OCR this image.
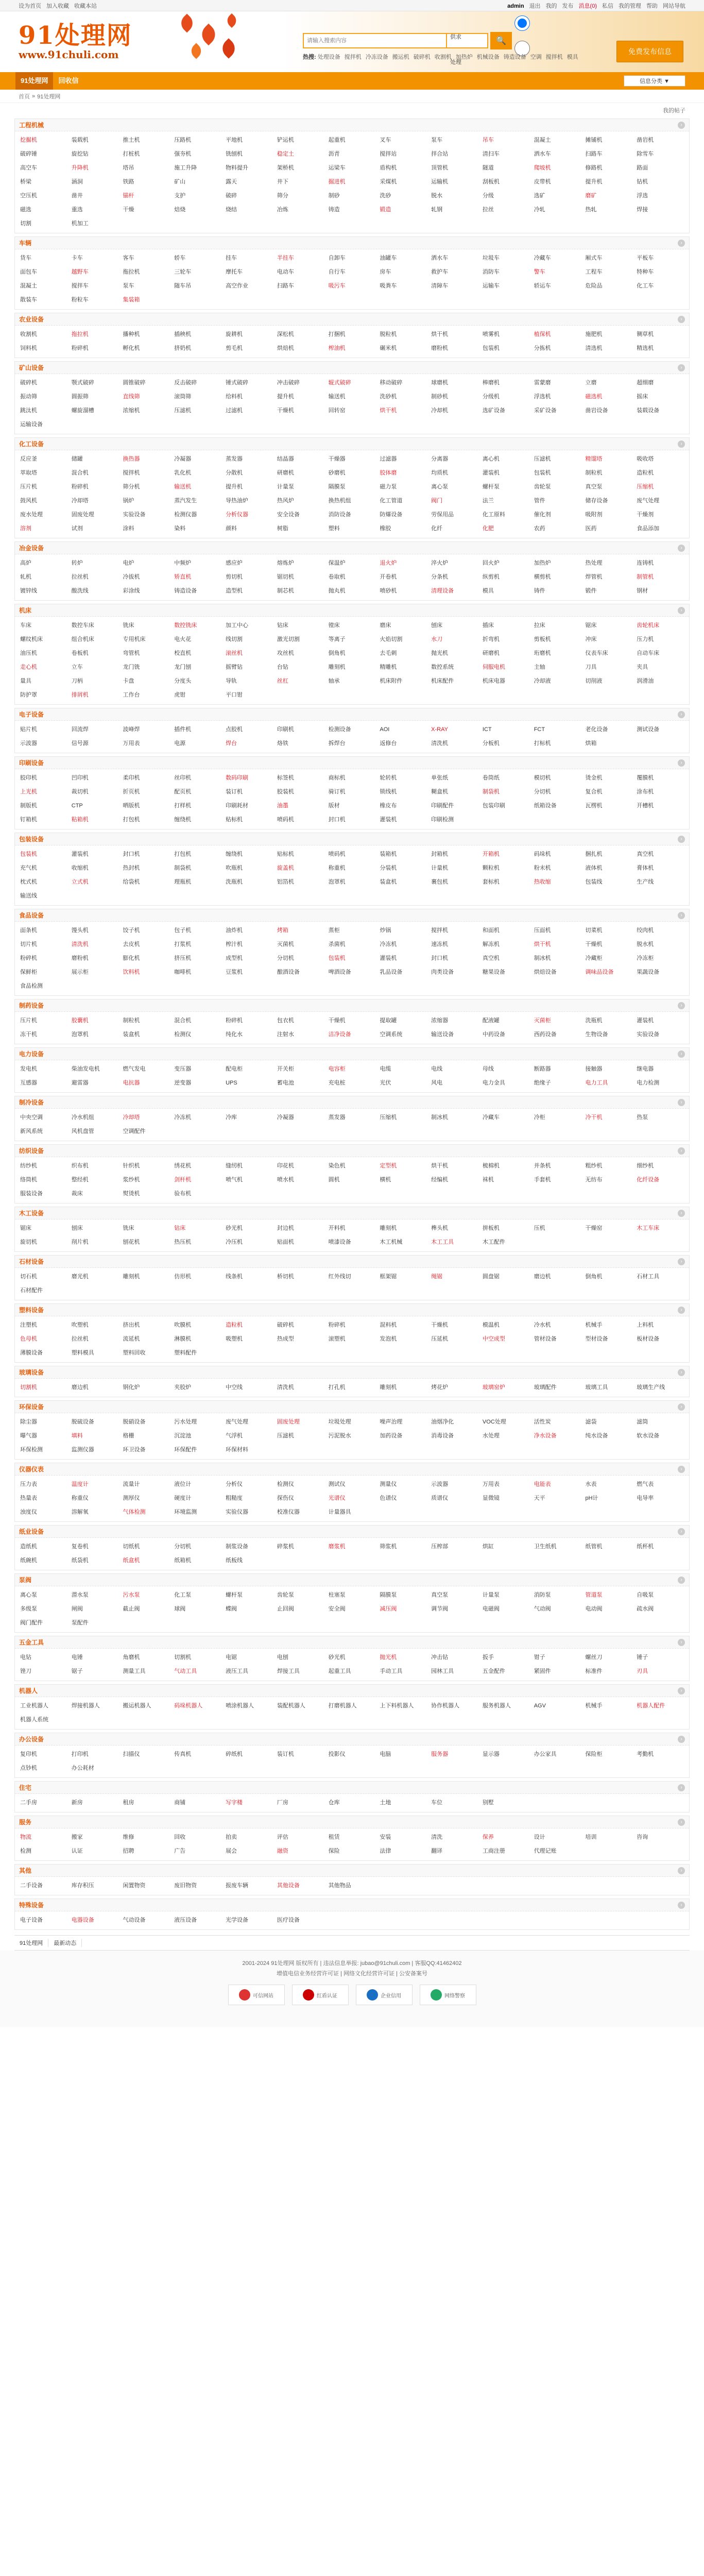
设为首页 加入收藏 收藏本站	admin 退出 我的 发布 消息(0) 私信 我的管理 帮助 网站导航
91处理网
www.91chuli.com
请输入搜索内容
供求
处理
🔍
热搜: 处理设备 搅拌机 冷冻设备 搬运机 破碎机 收割机 加热炉 机械设备 铸造设备 空调 搅拌机 模具
免费发布信息
91处理网	回收信	信息分类 ▼
首页 » 91处理网
我的帖子
工程机械	›
挖掘机	装载机	推土机	压路机	平地机	铲运机	起重机	叉车	泵车	吊车	混凝土	摊铺机	凿岩机
破碎锤	旋挖钻	打桩机	强夯机	铣刨机	稳定土	沥青	搅拌站	拌合站	清扫车	洒水车	扫路车	除雪车
高空车	升降机	塔吊	施工升降	物料提升	架桥机	运梁车	盾构机	顶管机	隧道	爬坡机	修路机	路面
桥梁	涵洞	铁路	矿山	露天	井下	掘进机	采煤机	运输机	刮板机	皮带机	提升机	钻机
空压机	凿井	锚杆	支护	破碎	筛分	制砂	洗砂	脱水	分级	选矿	磨矿	浮选
磁选	重选	干燥	焙烧	烧结	冶炼	铸造	锻造	轧钢	拉丝	冷轧	热轧	焊接
切割	机加工
车辆	›
货车	卡车	客车	轿车	挂车	半挂车	自卸车	油罐车	洒水车	垃圾车	冷藏车	厢式车	平板车
面包车	越野车	拖拉机	三轮车	摩托车	电动车	自行车	房车	救护车	消防车	警车	工程车	特种车
混凝土	搅拌车	泵车	随车吊	高空作业	扫路车	吸污车	吸粪车	清障车	运输车	轿运车	危险品	化工车
散装车	粉粒车	集装箱
农业设备	›
收割机	拖拉机	播种机	插秧机	旋耕机	深松机	打捆机	脱粒机	烘干机	喷雾机	植保机	施肥机	铡草机
饲料机	粉碎机	孵化机	挤奶机	剪毛机	烘焙机	榨油机	碾米机	磨粉机	包装机	分拣机	清选机	精选机
矿山设备	›
破碎机	颚式破碎	圆锥破碎	反击破碎	锤式破碎	冲击破碎	辊式破碎	移动破碎	球磨机	棒磨机	雷蒙磨	立磨	超细磨
振动筛	圆振筛	直线筛	滚筒筛	给料机	提升机	输送机	洗砂机	制砂机	分级机	浮选机	磁选机	摇床
跳汰机	螺旋溜槽	浓缩机	压滤机	过滤机	干燥机	回转窑	烘干机	冷却机	选矿设备	采矿设备	凿岩设备	装载设备
运输设备
化工设备	›
反应釜	储罐	换热器	冷凝器	蒸发器	结晶器	干燥器	过滤器	分离器	离心机	压滤机	精馏塔	吸收塔
萃取塔	混合机	搅拌机	乳化机	分散机	研磨机	砂磨机	胶体磨	均质机	灌装机	包装机	制粒机	造粒机
压片机	粉碎机	筛分机	输送机	提升机	计量泵	隔膜泵	磁力泵	离心泵	螺杆泵	齿轮泵	真空泵	压缩机
鼓风机	冷却塔	锅炉	蒸汽发生	导热油炉	热风炉	换热机组	化工管道	阀门	法兰	管件	储存设备	废气处理
废水处理	固废处理	实验设备	检测仪器	分析仪器	安全设备	消防设备	防爆设备	劳保用品	化工原料	催化剂	吸附剂	干燥剂
溶剂	试剂	涂料	染料	颜料	树脂	塑料	橡胶	化纤	化肥	农药	医药	食品添加
冶金设备	›
高炉	转炉	电炉	中频炉	感应炉	熔炼炉	保温炉	退火炉	淬火炉	回火炉	加热炉	热处理	连铸机
轧机	拉丝机	冷拔机	矫直机	剪切机	锯切机	卷取机	开卷机	分条机	纵剪机	横剪机	焊管机	制管机
镀锌线	酸洗线	彩涂线	铸造设备	造型机	制芯机	抛丸机	喷砂机	清理设备	模具	铸件	锻件	钢材
机床	›
车床	数控车床	铣床	数控铣床	加工中心	钻床	镗床	磨床	刨床	插床	拉床	锯床	齿轮机床
螺纹机床	组合机床	专用机床	电火花	线切割	激光切割	等离子	火焰切割	水刀	折弯机	剪板机	冲床	压力机
油压机	卷板机	弯管机	校直机	滚丝机	攻丝机	倒角机	去毛刺	抛光机	研磨机	珩磨机	仪表车床	自动车床
走心机	立车	龙门铣	龙门刨	摇臂钻	台钻	雕刻机	精雕机	数控系统	伺服电机	主轴	刀具	夹具
量具	刀柄	卡盘	分度头	导轨	丝杠	轴承	机床附件	机床配件	机床电器	冷却液	切削液	润滑油
防护罩	排屑机	工作台	虎钳	平口钳
电子设备	›
贴片机	回流焊	波峰焊	插件机	点胶机	印刷机	检测设备	AOI	X-RAY	ICT	FCT	老化设备	测试设备
示波器	信号源	万用表	电源	焊台	烙铁	拆焊台	返修台	清洗机	分板机	打标机	烘箱
印刷设备	›
胶印机	凹印机	柔印机	丝印机	数码印刷	标签机	商标机	轮转机	单张纸	卷筒纸	模切机	烫金机	覆膜机
上光机	裁切机	折页机	配页机	装订机	胶装机	骑订机	锁线机	糊盒机	制袋机	分切机	复合机	涂布机
制版机	CTP	晒版机	打样机	印刷耗材	油墨	版材	橡皮布	印刷配件	包装印刷	纸箱设备	瓦楞机	开槽机
钉箱机	粘箱机	打包机	缠绕机	贴标机	喷码机	封口机	灌装机	印刷检测
包装设备	›
包装机	灌装机	封口机	打包机	缠绕机	贴标机	喷码机	装箱机	封箱机	开箱机	码垛机	捆扎机	真空机
充气机	收缩机	热封机	制袋机	吹瓶机	旋盖机	称重机	分装机	计量机	颗粒机	粉末机	液体机	膏体机
枕式机	立式机	给袋机	理瓶机	洗瓶机	铝箔机	泡罩机	装盒机	裹包机	套标机	热收缩	包装线	生产线
输送线
食品设备	›
面条机	馒头机	饺子机	包子机	油炸机	烤箱	蒸柜	炒锅	搅拌机	和面机	压面机	切菜机	绞肉机
切片机	清洗机	去皮机	打浆机	榨汁机	灭菌机	杀菌机	冷冻机	速冻机	解冻机	烘干机	干燥机	脱水机
粉碎机	磨粉机	膨化机	挤压机	成型机	分切机	包装机	灌装机	封口机	真空机	制冰机	冷藏柜	冷冻柜
保鲜柜	展示柜	饮料机	咖啡机	豆浆机	酿酒设备	啤酒设备	乳品设备	肉类设备	糖果设备	烘焙设备	调味品设备	果蔬设备
食品检测
制药设备	›
压片机	胶囊机	制粒机	混合机	粉碎机	包衣机	干燥机	提取罐	浓缩器	配液罐	灭菌柜	洗瓶机	灌装机
冻干机	泡罩机	装盒机	检测仪	纯化水	注射水	洁净设备	空调系统	输送设备	中药设备	西药设备	生物设备	实验设备
电力设备	›
发电机	柴油发电机	燃气发电	变压器	配电柜	开关柜	电容柜	电缆	电线	母线	断路器	接触器	继电器
互感器	避雷器	电抗器	逆变器	UPS	蓄电池	充电桩	光伏	风电	电力金具	绝缘子	电力工具	电力检测
制冷设备	›
中央空调	冷水机组	冷却塔	冷冻机	冷库	冷凝器	蒸发器	压缩机	制冰机	冷藏车	冷柜	冷干机	热泵
新风系统	风机盘管	空调配件
纺织设备	›
纺纱机	织布机	针织机	绣花机	缝纫机	印花机	染色机	定型机	烘干机	梳棉机	并条机	粗纱机	细纱机
络筒机	整经机	浆纱机	剑杆机	喷气机	喷水机	圆机	横机	经编机	袜机	手套机	无纺布	化纤设备
服装设备	裁床	熨烫机	验布机
木工设备	›
锯床	刨床	铣床	钻床	砂光机	封边机	开料机	雕刻机	榫头机	拼板机	压机	干燥窑	木工车床
旋切机	削片机	刨花机	热压机	冷压机	贴面机	喷漆设备	木工机械	木工工具	木工配件
石材设备	›
切石机	磨光机	雕刻机	仿形机	线条机	桥切机	红外线切	框架锯	绳锯	圆盘锯	磨边机	倒角机	石材工具
石材配件
塑料设备	›
注塑机	吹塑机	挤出机	吹膜机	造粒机	破碎机	粉碎机	混料机	干燥机	模温机	冷水机	机械手	上料机
色母机	拉丝机	流延机	淋膜机	吸塑机	热成型	滚塑机	发泡机	压延机	中空成型	管材设备	型材设备	板材设备
薄膜设备	塑料模具	塑料回收	塑料配件
玻璃设备	›
切割机	磨边机	钢化炉	夹胶炉	中空线	清洗机	打孔机	雕刻机	烤花炉	玻璃窑炉	玻璃配件	玻璃工具	玻璃生产线
环保设备	›
除尘器	脱硫设备	脱硝设备	污水处理	废气处理	固废处理	垃圾处理	噪声治理	油烟净化	VOC处理	活性炭	滤袋	滤筒
曝气器	填料	格栅	沉淀池	气浮机	压滤机	污泥脱水	加药设备	消毒设备	水处理	净水设备	纯水设备	软水设备
环保检测	监测仪器	环卫设备	环保配件	环保材料
仪器仪表	›
压力表	温度计	流量计	液位计	分析仪	检测仪	测试仪	测量仪	示波器	万用表	电能表	水表	燃气表
热量表	称重仪	测厚仪	硬度计	粗糙度	探伤仪	光谱仪	色谱仪	质谱仪	显微镜	天平	pH计	电导率
浊度仪	溶解氧	气体检测	环境监测	实验仪器	校准仪器	计量器具
纸业设备	›
造纸机	复卷机	切纸机	分切机	制浆设备	碎浆机	磨浆机	筛浆机	压榨部	烘缸	卫生纸机	纸管机	纸杯机
纸碗机	纸袋机	纸盒机	纸箱机	纸板线
泵阀	›
离心泵	潜水泵	污水泵	化工泵	螺杆泵	齿轮泵	柱塞泵	隔膜泵	真空泵	计量泵	消防泵	管道泵	自吸泵
多级泵	闸阀	截止阀	球阀	蝶阀	止回阀	安全阀	减压阀	调节阀	电磁阀	气动阀	电动阀	疏水阀
阀门配件	泵配件
五金工具	›
电钻	电锤	角磨机	切割机	电锯	电刨	砂光机	抛光机	冲击钻	扳手	钳子	螺丝刀	锤子
锉刀	锯子	测量工具	气动工具	液压工具	焊接工具	起重工具	手动工具	园林工具	五金配件	紧固件	标准件	刃具
机器人	›
工业机器人	焊接机器人	搬运机器人	码垛机器人	喷涂机器人	装配机器人	打磨机器人	上下料机器人	协作机器人	服务机器人	AGV	机械手	机器人配件
机器人系统
办公设备	›
复印机	打印机	扫描仪	传真机	碎纸机	装订机	投影仪	电脑	服务器	显示器	办公家具	保险柜	考勤机
点钞机	办公耗材
住宅	›
二手房	新房	租房	商铺	写字楼	厂房	仓库	土地	车位	别墅
服务	›
物流	搬家	维修	回收	拍卖	评估	租赁	安装	清洗	保养	设计	培训	咨询
检测	认证	招聘	广告	展会	融资	保险	法律	翻译	工商注册	代理记账
其他	›
二手设备	库存积压	闲置物资	废旧物资	报废车辆	其他设备	其他物品
特殊设备	›
电子设备	电器设备	气动设备	液压设备	光学设备	医疗设备
91处理网	最新动态

2001-2024 91处理网 版权所有 | 违法信息举报: jubao@91chuli.com | 客服QQ:41462402

增值电信业务经营许可证 | 网络文化经营许可证 | 公安备案号

可信网站	红盾认证	企业信用	网络警察
